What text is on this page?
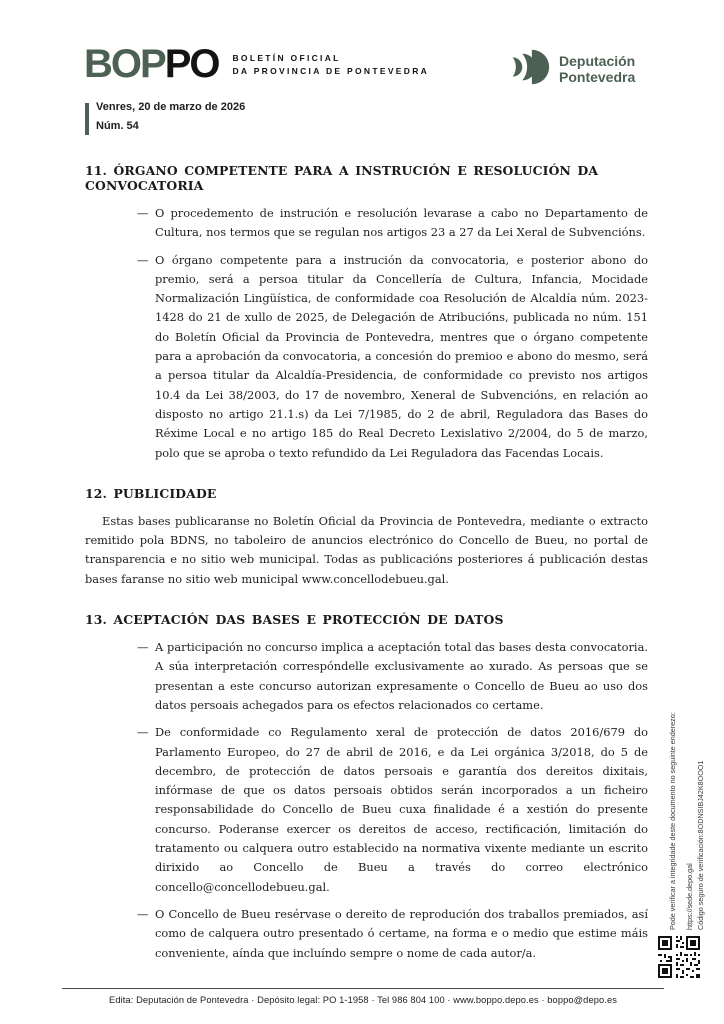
BOPPO BOLETÍN OFICIAL
DA PROVINCIA DE PONTEVEDRA
Deputación
Pontevedra
Venres, 20 de marzo de 2026
Núm. 54
11. ÓRGANO COMPETENTE PARA A INSTRUCIÓN E RESOLUCIÓN DA CONVOCATORIA
— O procedemento de instrución e resolución levarase a cabo no Departamento de Cultura, nos termos que se regulan nos artigos 23 a 27 da Lei Xeral de Subvencións.

— O órgano competente para a instrución da convocatoria, e posterior abono do premio, será a persoa titular da Concellería de Cultura, Infancia, Mocidade Normalización Lingüística, de conformidade coa Resolución de Alcaldía núm. 2023-1428 do 21 de xullo de 2025, de Delegación de Atribucións, publicada no núm. 151 do Boletín Oficial da Provincia de Pontevedra, mentres que o órgano competente para a aprobación da convocatoria, a concesión do premioo e abono do mesmo, será a persoa titular da Alcaldía-Presidencia, de conformidade co previsto nos artigos 10.4 da Lei 38/2003, do 17 de novembro, Xeneral de Subvencións, en relación ao disposto no artigo 21.1.s) da Lei 7/1985, do 2 de abril, Reguladora das Bases do Réxime Local e no artigo 185 do Real Decreto Lexislativo 2/2004, do 5 de marzo, polo que se aproba o texto refundido da Lei Reguladora das Facendas Locais.

12. PUBLICIDADE

Estas bases publicaranse no Boletín Oficial da Provincia de Pontevedra, mediante o extracto remitido pola BDNS, no taboleiro de anuncios electrónico do Concello de Bueu, no portal de transparencia e no sitio web municipal. Todas as publicacións posteriores á publicación destas bases faranse no sitio web municipal www.concellodebueu.gal.

13. ACEPTACIÓN DAS BASES E PROTECCIÓN DE DATOS
— A participación no concurso implica a aceptación total das bases desta convocatoria. A súa interpretación correspóndelle exclusivamente ao xurado. As persoas que se presentan a este concurso autorizan expresamente o Concello de Bueu ao uso dos datos persoais achegados para os efectos relacionados co certame.

— De conformidade co Regulamento xeral de protección de datos 2016/679 do Parlamento Europeo, do 27 de abril de 2016, e da Lei orgánica 3/2018, do 5 de decembro, de protección de datos persoais e garantía dos dereitos dixitais, infórmase de que os datos persoais obtidos serán incorporados a un ficheiro responsabilidade do Concello de Bueu cuxa finalidade é a xestión do presente concurso. Poderanse exercer os dereitos de acceso, rectificación, limitación do tratamento ou calquera outro establecido na normativa vixente mediante un escrito dirixido ao Concello de Bueu a través do correo electrónico concello@concellodebueu.gal.

— O Concello de Bueu resérvase o dereito de reprodución dos traballos premiados, así como de calquera outro presentado ó certame, na forma e o medio que estime máis conveniente, aínda que incluíndo sempre o nome de cada autor/a.

Pode verificar a integridade deste documento no seguinte enderezo: https://sede.depo.gal Código seguro de verificación:8ODNSIBJ42K8OOO1
Edita: Deputación de Pontevedra · Depósito legal: PO 1-1958 · Tel 986 804 100 · www.boppo.depo.es · boppo@depo.es
